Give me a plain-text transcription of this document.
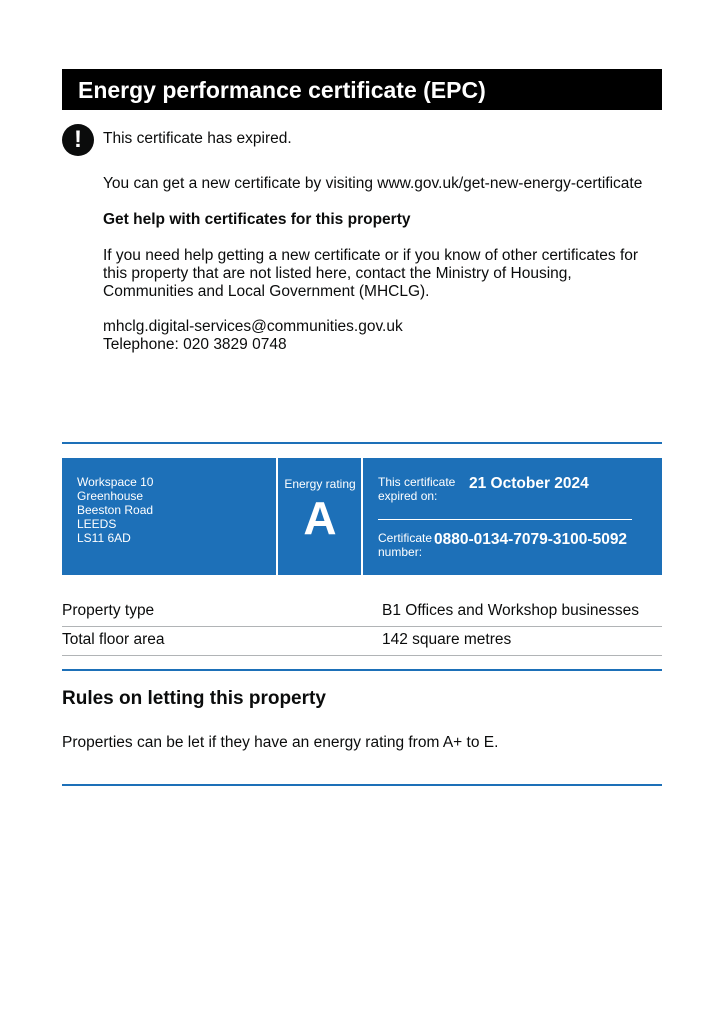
Energy performance certificate (EPC)
!	This certificate has expired.
You can get a new certificate by visiting www.gov.uk/get-new-energy-certificate
Get help with certificates for this property
If you need help getting a new certificate or if you know of other certificates for
this property that are not listed here, contact the Ministry of Housing,
Communities and Local Government (MHCLG).
mhclg.digital-services@communities.gov.uk
Telephone: 020 3829 0748
Workspace 10
Greenhouse
Beeston Road
LEEDS
LS11 6AD
Energy rating
A
This certificate expired on:
21 October 2024
Certificate number:
0880-0134-7079-3100-5092
Property type	B1 Offices and Workshop businesses
Total floor area	142 square metres
Rules on letting this property
Properties can be let if they have an energy rating from A+ to E.
